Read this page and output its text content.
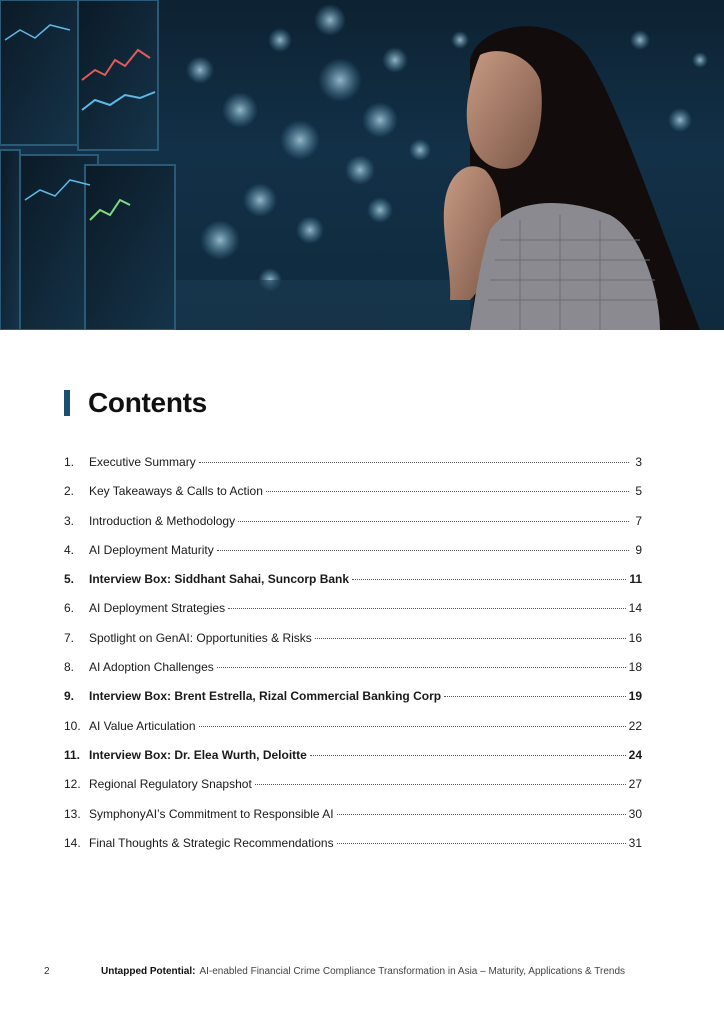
Contents
1.	Executive Summary	3
2.	Key Takeaways & Calls to Action	5
3.	Introduction & Methodology	7
4.	AI Deployment Maturity	9
5.	Interview Box: Siddhant Sahai, Suncorp Bank	11
6.	AI Deployment Strategies	14
7.	Spotlight on GenAI: Opportunities & Risks	16
8.	AI Adoption Challenges	18
9.	Interview Box: Brent Estrella, Rizal Commercial Banking Corp	19
10. AI Value Articulation	22
11. Interview Box: Dr. Elea Wurth, Deloitte	24
12. Regional Regulatory Snapshot	27
13. SymphonyAI’s Commitment to Responsible AI	30
14. Final Thoughts & Strategic Recommendations	31
2	Untapped Potential: AI-enabled Financial Crime Compliance Transformation in Asia – Maturity, Applications & Trends
